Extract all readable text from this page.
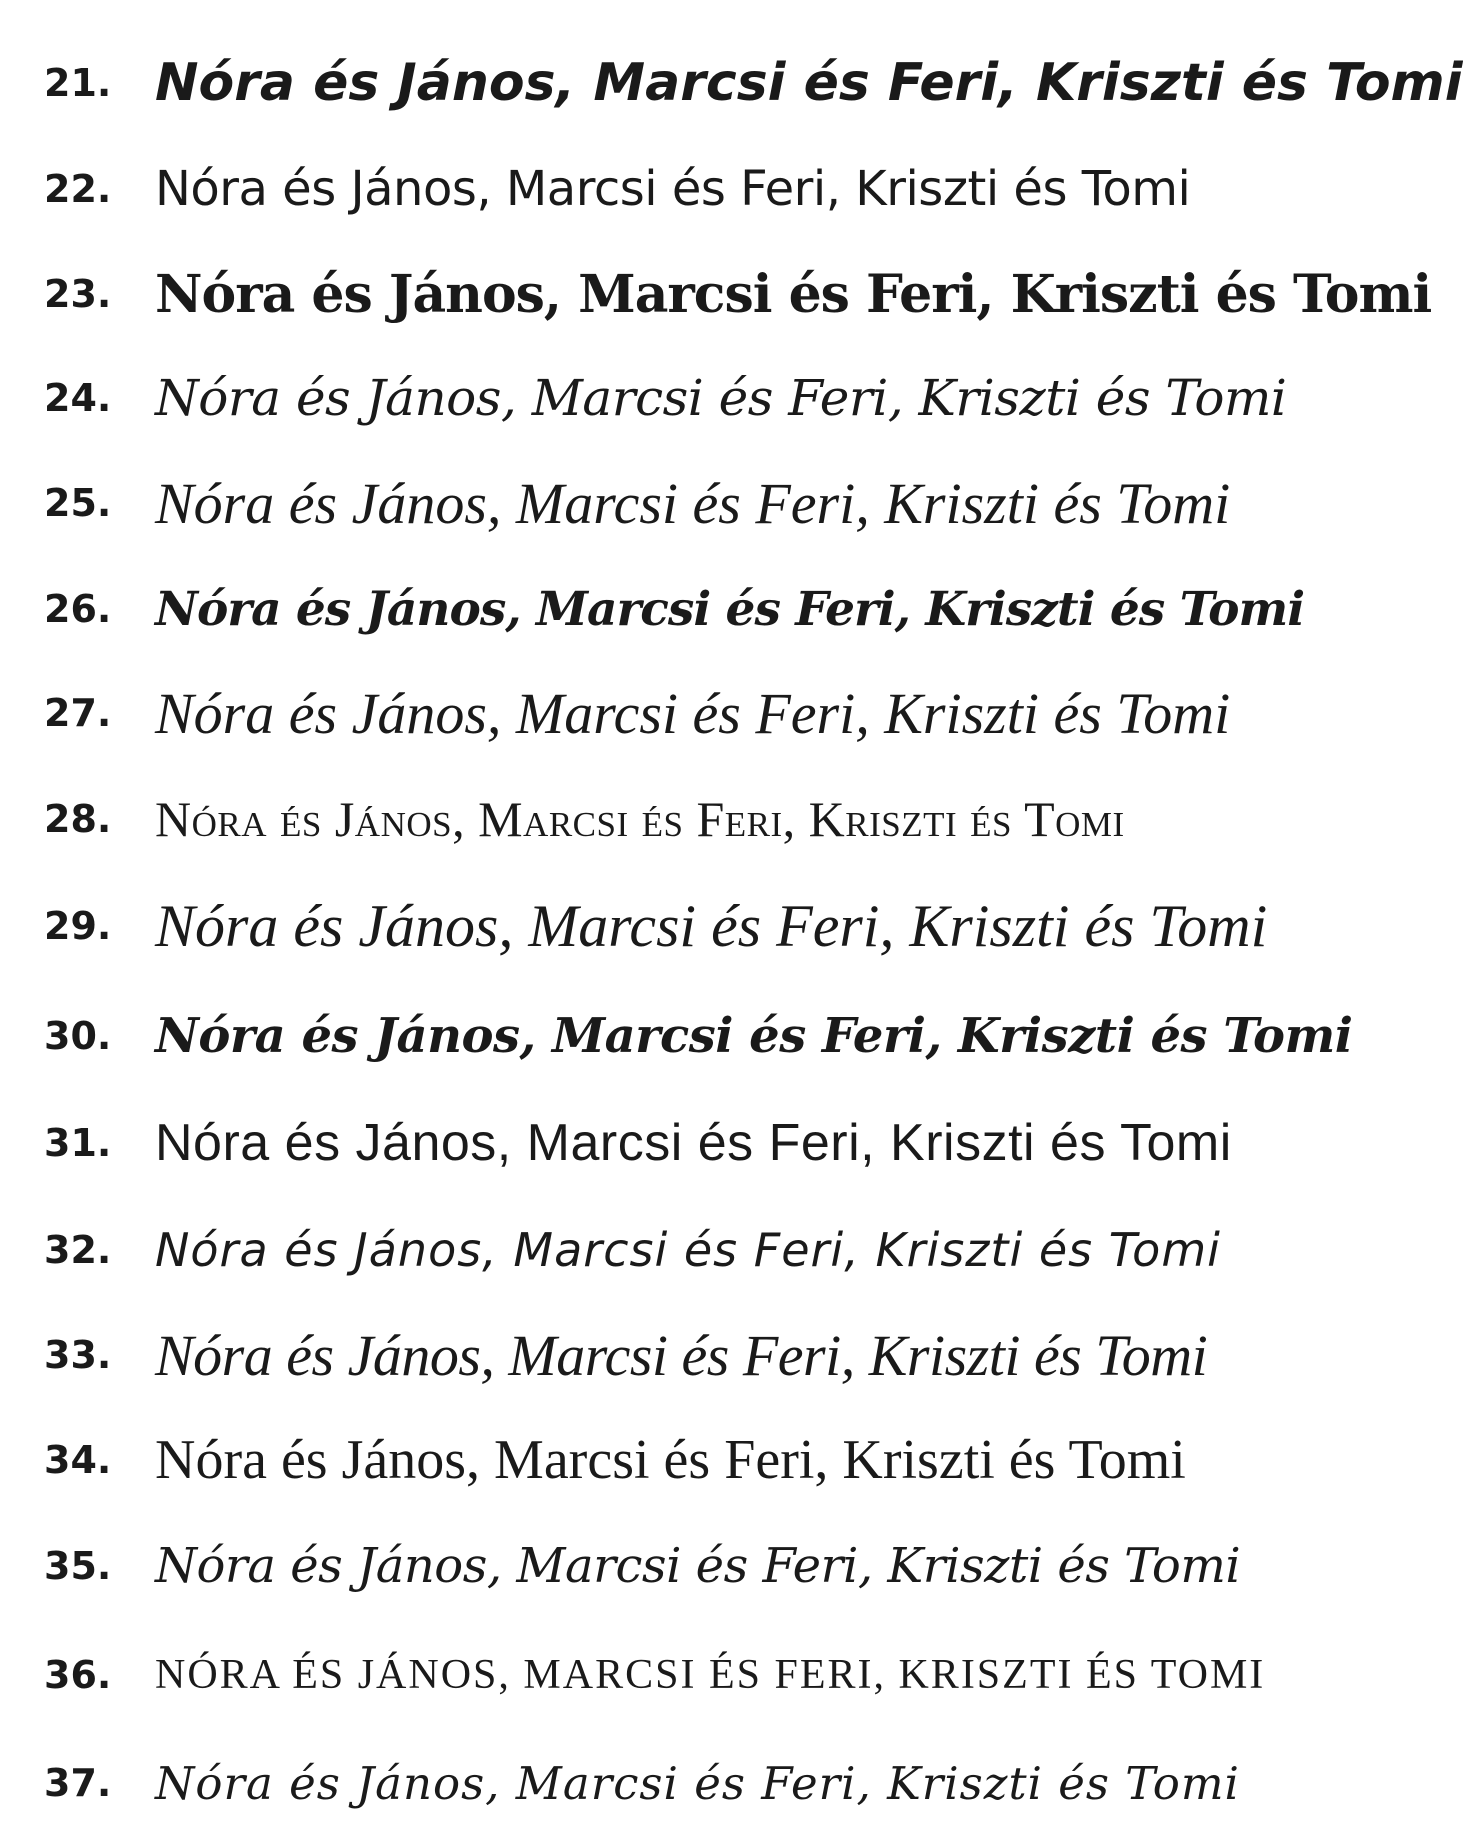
21. Nóra és János, Marcsi és Feri, Kriszti és Tomi
22. Nóra és János, Marcsi és Feri, Kriszti és Tomi
23. Nóra és János, Marcsi és Feri, Kriszti és Tomi
24. Nóra és János, Marcsi és Feri, Kriszti és Tomi
25. Nóra és János, Marcsi és Feri, Kriszti és Tomi
26. Nóra és János, Marcsi és Feri, Kriszti és Tomi
27. Nóra és János, Marcsi és Feri, Kriszti és Tomi
28. Nóra és János, Marcsi és Feri, Kriszti és Tomi
29. Nóra és János, Marcsi és Feri, Kriszti és Tomi
30. Nóra és János, Marcsi és Feri, Kriszti és Tomi
31. Nóra és János, Marcsi és Feri, Kriszti és Tomi
32. Nóra és János, Marcsi és Feri, Kriszti és Tomi
33. Nóra és János, Marcsi és Feri, Kriszti és Tomi
34. Nóra és János, Marcsi és Feri, Kriszti és Tomi
35. Nóra és János, Marcsi és Feri, Kriszti és Tomi
36.	NÓRA ÉS JÁNOS, MARCSI ÉS FERI, KRISZTI ÉS TOMI
37. Nóra és János, Marcsi és Feri, Kriszti és Tomi
